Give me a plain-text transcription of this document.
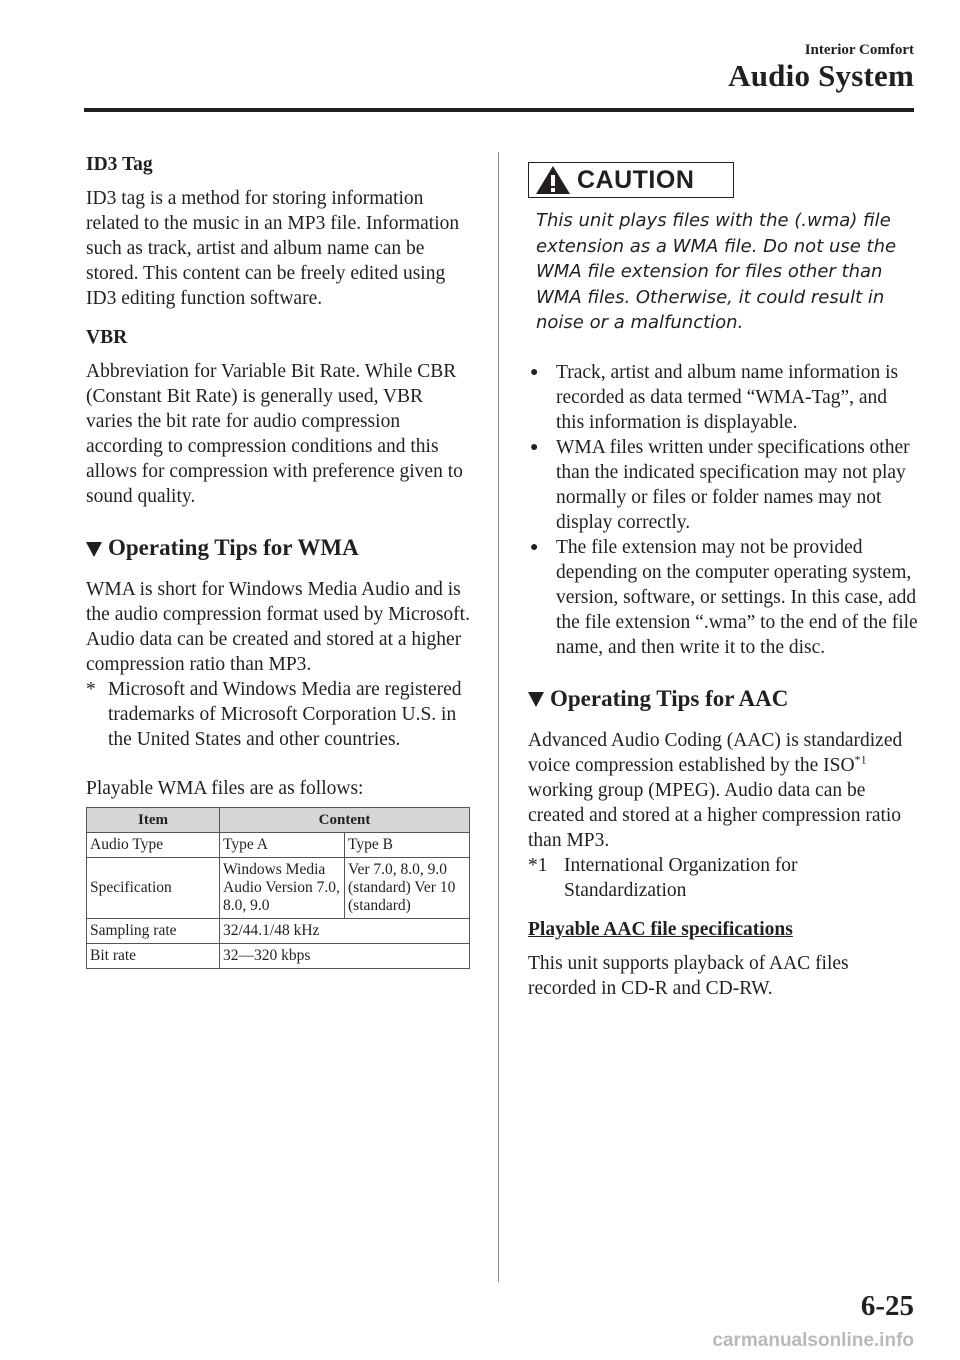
Interior Comfort
Audio System

ID3 Tag

ID3 tag is a method for storing information related to the music in an MP3 file. Information such as track, artist and album name can be stored. This content can be freely edited using ID3 editing function software.

VBR

Abbreviation for Variable Bit Rate. While CBR (Constant Bit Rate) is generally used, VBR varies the bit rate for audio compression according to compression conditions and this allows for compression with preference given to sound quality.

Operating Tips for WMA

WMA is short for Windows Media Audio and is the audio compression format used by Microsoft.

Audio data can be created and stored at a higher compression ratio than MP3.

* Microsoft and Windows Media are registered trademarks of Microsoft Corporation U.S. in the United States and other countries.

Playable WMA files are as follows:

Item	Content	
Audio Type	Type A	Type B
Specification	Windows Media Audio Version 7.0, 8.0, 9.0	Ver 7.0, 8.0, 9.0 (standard) Ver 10 (standard)
Sampling rate	32/44.1/48 kHz	
Bit rate	32―320 kbps	
CAUTION

This unit plays files with the (.wma) file extension as a WMA file. Do not use the WMA file extension for files other than WMA files. Otherwise, it could result in noise or a malfunction.

● Track, artist and album name information is recorded as data termed “WMA-Tag”, and this information is displayable.
● WMA files written under specifications other than the indicated specification may not play normally or files or folder names may not display correctly.
● The file extension may not be provided depending on the computer operating system, version, software, or settings. In this case, add the file extension “.wma” to the end of the file name, and then write it to the disc.
Operating Tips for AAC

Advanced Audio Coding (AAC) is standardized voice compression established by the ISO$^{*1}$ working group (MPEG). Audio data can be created and stored at a higher compression ratio than MP3.

*1 International Organization for Standardization

Playable AAC file specifications

This unit supports playback of AAC files recorded in CD-R and CD-RW.

6-25
carmanualsonline.info
